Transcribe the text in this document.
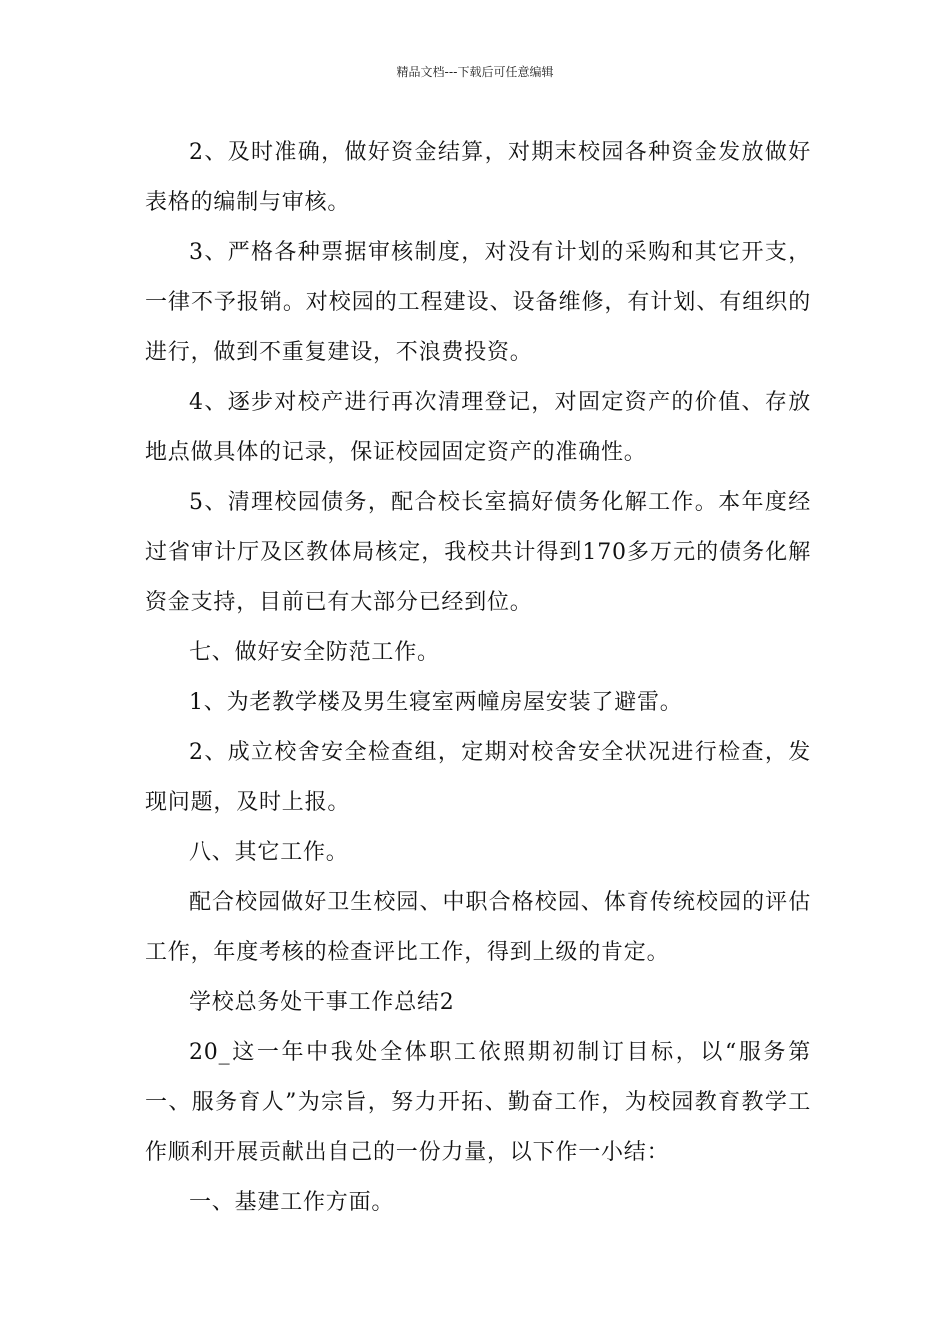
精品文档---下载后可任意编辑

2、及时准确，做好资金结算，对期末校园各种资金发放做好表格的编制与审核。

3、严格各种票据审核制度，对没有计划的采购和其它开支，一律不予报销。对校园的工程建设、设备维修，有计划、有组织的进行，做到不重复建设，不浪费投资。

4、逐步对校产进行再次清理登记，对固定资产的价值、存放地点做具体的记录，保证校园固定资产的准确性。

5、清理校园债务，配合校长室搞好债务化解工作。本年度经过省审计厅及区教体局核定，我校共计得到170多万元的债务化解资金支持，目前已有大部分已经到位。

七、做好安全防范工作。

1、为老教学楼及男生寝室两幢房屋安装了避雷。

2、成立校舍安全检查组，定期对校舍安全状况进行检查，发现问题，及时上报。

八、其它工作。

配合校园做好卫生校园、中职合格校园、体育传统校园的评估工作，年度考核的检查评比工作，得到上级的肯定。

学校总务处干事工作总结2

20_这一年中我处全体职工依照期初制订目标，以“服务第一、服务育人”为宗旨，努力开拓、勤奋工作，为校园教育教学工作顺利开展贡献出自己的一份力量，以下作一小结：

一、基建工作方面。
